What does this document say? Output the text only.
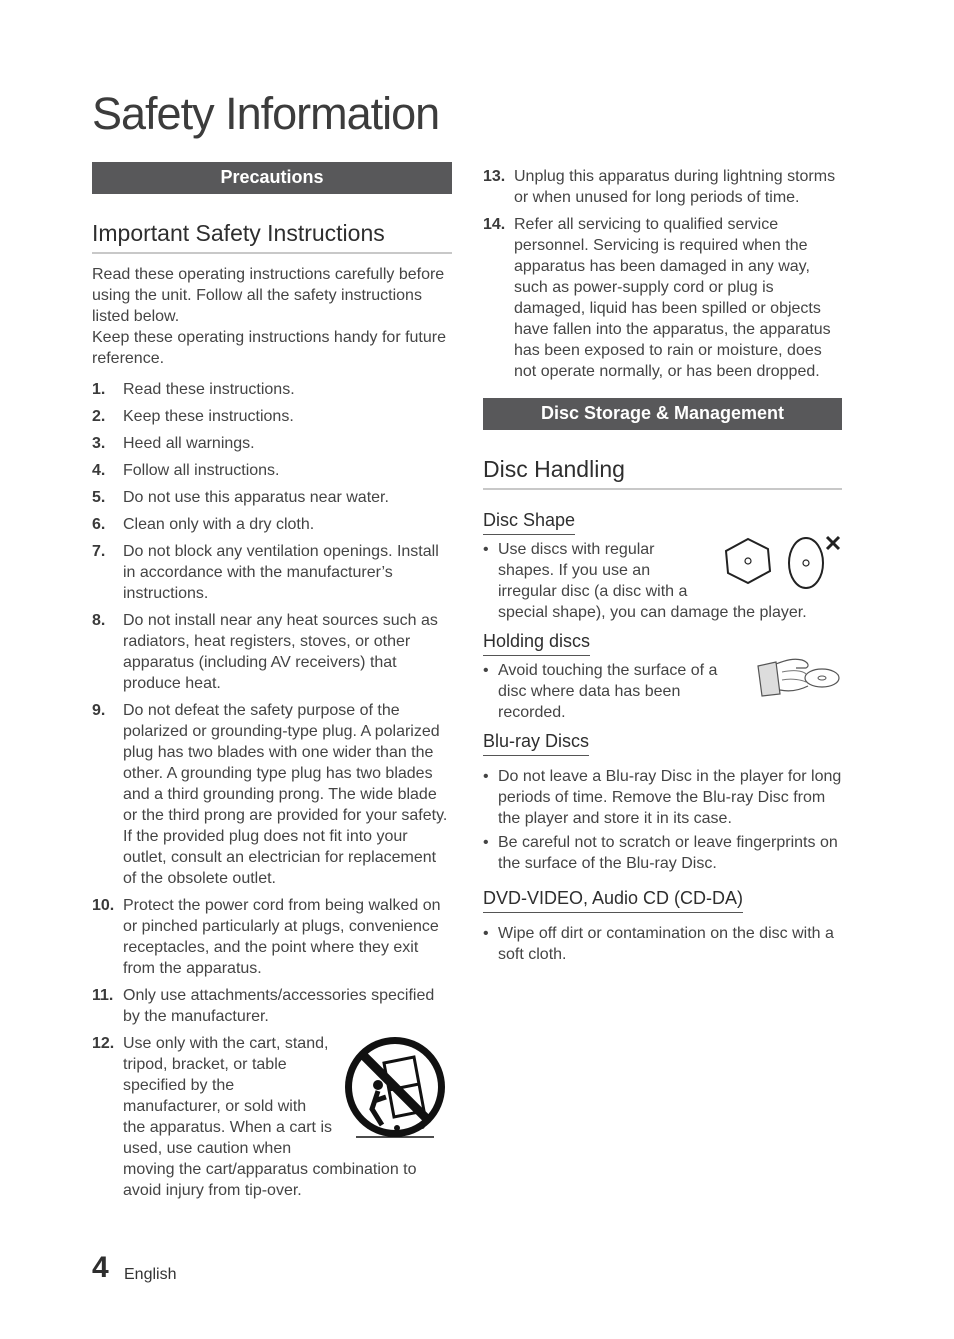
Safety Information
Precautions
Important Safety Instructions

Read these operating instructions carefully before using the unit. Follow all the safety instructions listed below.

Keep these operating instructions handy for future reference.

1. Read these instructions.
2. Keep these instructions.
3. Heed all warnings.
4. Follow all instructions.
5. Do not use this apparatus near water.
6. Clean only with a dry cloth.
7. Do not block any ventilation openings. Install in accordance with the manufacturer’s instructions.
8. Do not install near any heat sources such as radiators, heat registers, stoves, or other apparatus (including AV receivers) that produce heat.
9. Do not defeat the safety purpose of the polarized or grounding-type plug. A polarized plug has two blades with one wider than the other. A grounding type plug has two blades and a third grounding prong. The wide blade or the third prong are provided for your safety. If the provided plug does not fit into your outlet, consult an electrician for replacement of the obsolete outlet.
10. Protect the power cord from being walked on or pinched particularly at plugs, convenience receptacles, and the point where they exit from the apparatus.
11. Only use attachments/accessories specified by the manufacturer.
12. Use only with the cart, stand, tripod, bracket, or table specified by the manufacturer, or sold with the apparatus. When a cart is used, use caution when moving the cart/apparatus combination to avoid injury from tip-over.
13. Unplug this apparatus during lightning storms or when unused for long periods of time.
14. Refer all servicing to qualified service personnel. Servicing is required when the apparatus has been damaged in any way, such as power-supply cord or plug is damaged, liquid has been spilled or objects have fallen into the apparatus, the apparatus has been exposed to rain or moisture, does not operate normally, or has been dropped.
Disc Storage & Management
Disc Handling
Disc Shape
• Use discs with regular shapes. If you use an irregular disc (a disc with a special shape), you can damage the player.
Holding discs
• Avoid touching the surface of a disc where data has been recorded.
Blu-ray Discs
• Do not leave a Blu-ray Disc in the player for long periods of time. Remove the Blu-ray Disc from the player and store it in its case.
• Be careful not to scratch or leave fingerprints on the surface of the Blu-ray Disc.
DVD-VIDEO, Audio CD (CD-DA)
• Wipe off dirt or contamination on the disc with a soft cloth.
4 English
